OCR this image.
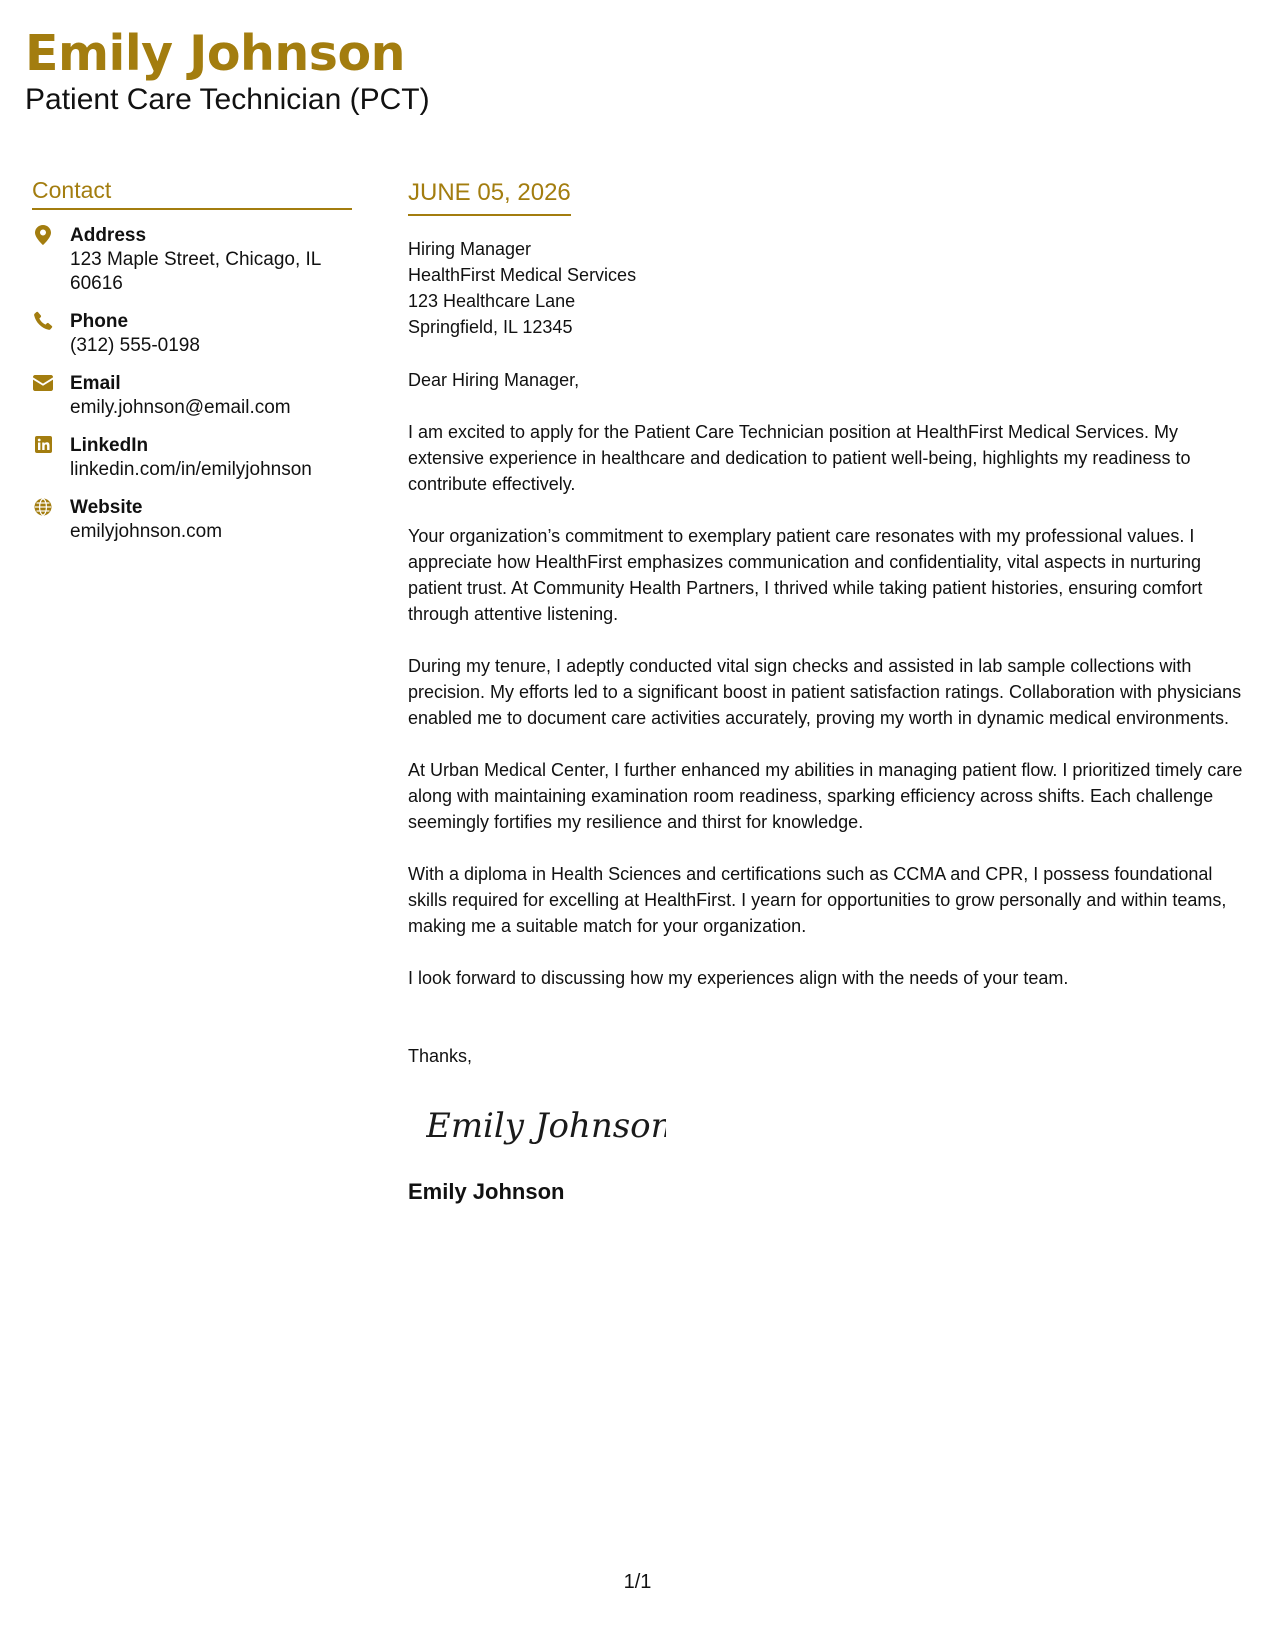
Emily Johnson
Patient Care Technician (PCT)
Contact
Address
123 Maple Street, Chicago, IL
60616
Phone
(312) 555-0198
Email
emily.johnson@email.com
LinkedIn
linkedin.com/in/emilyjohnson
Website
emilyjohnson.com
JUNE 05, 2026
Hiring Manager
HealthFirst Medical Services
123 Healthcare Lane
Springfield, IL 12345

Dear Hiring Manager,

I am excited to apply for the Patient Care Technician position at HealthFirst Medical Services. My extensive experience in healthcare and dedication to patient well-being, highlights my readiness to contribute effectively.

Your organization’s commitment to exemplary patient care resonates with my professional values. I appreciate how HealthFirst emphasizes communication and confidentiality, vital aspects in nurturing patient trust. At Community Health Partners, I thrived while taking patient histories, ensuring comfort through attentive listening.

During my tenure, I adeptly conducted vital sign checks and assisted in lab sample collections with precision. My efforts led to a significant boost in patient satisfaction ratings. Collaboration with physicians enabled me to document care activities accurately, proving my worth in dynamic medical environments.

At Urban Medical Center, I further enhanced my abilities in managing patient flow. I prioritized timely care along with maintaining examination room readiness, sparking efficiency across shifts. Each challenge seemingly fortifies my resilience and thirst for knowledge.

With a diploma in Health Sciences and certifications such as CCMA and CPR, I possess foundational skills required for excelling at HealthFirst. I yearn for opportunities to grow personally and within teams, making me a suitable match for your organization.

I look forward to discussing how my experiences align with the needs of your team.

Thanks,

Emily Johnson
Emily Johnson
1/1
